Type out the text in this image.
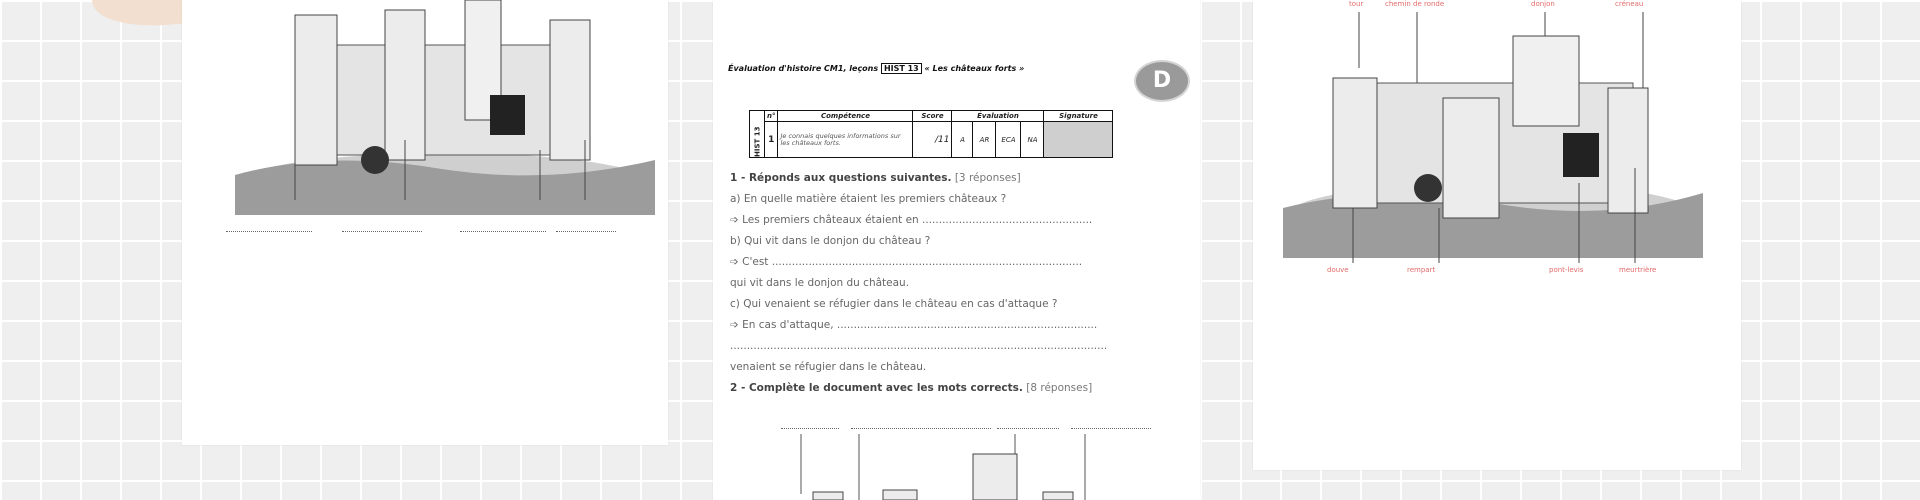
Évaluation d'histoire CM1, leçons HIST 13 « Les châteaux forts »	D
HIST 13	n°	Compétence	Score	Évaluation				Signature
	1	Je connais quelques informations sur les châteaux forts.	/11	A	AR	ECA	NA	
1 - Réponds aux questions suivantes. [3 réponses]
a) En quelle matière étaient les premiers châteaux ?
➩ Les premiers châteaux étaient en ...................................................
b) Qui vit dans le donjon du château ?
➩ C'est .............................................................................................
qui vit dans le donjon du château.
c) Qui venaient se réfugier dans le château en cas d'attaque ?
➩ En cas d'attaque, ..............................................................................
.................................................................................................................
venaient se réfugier dans le château.
2 - Complète le document avec les mots corrects. [8 réponses]
tour	chemin de ronde	donjon	créneau
douve	rempart	pont-levis	meurtrière
